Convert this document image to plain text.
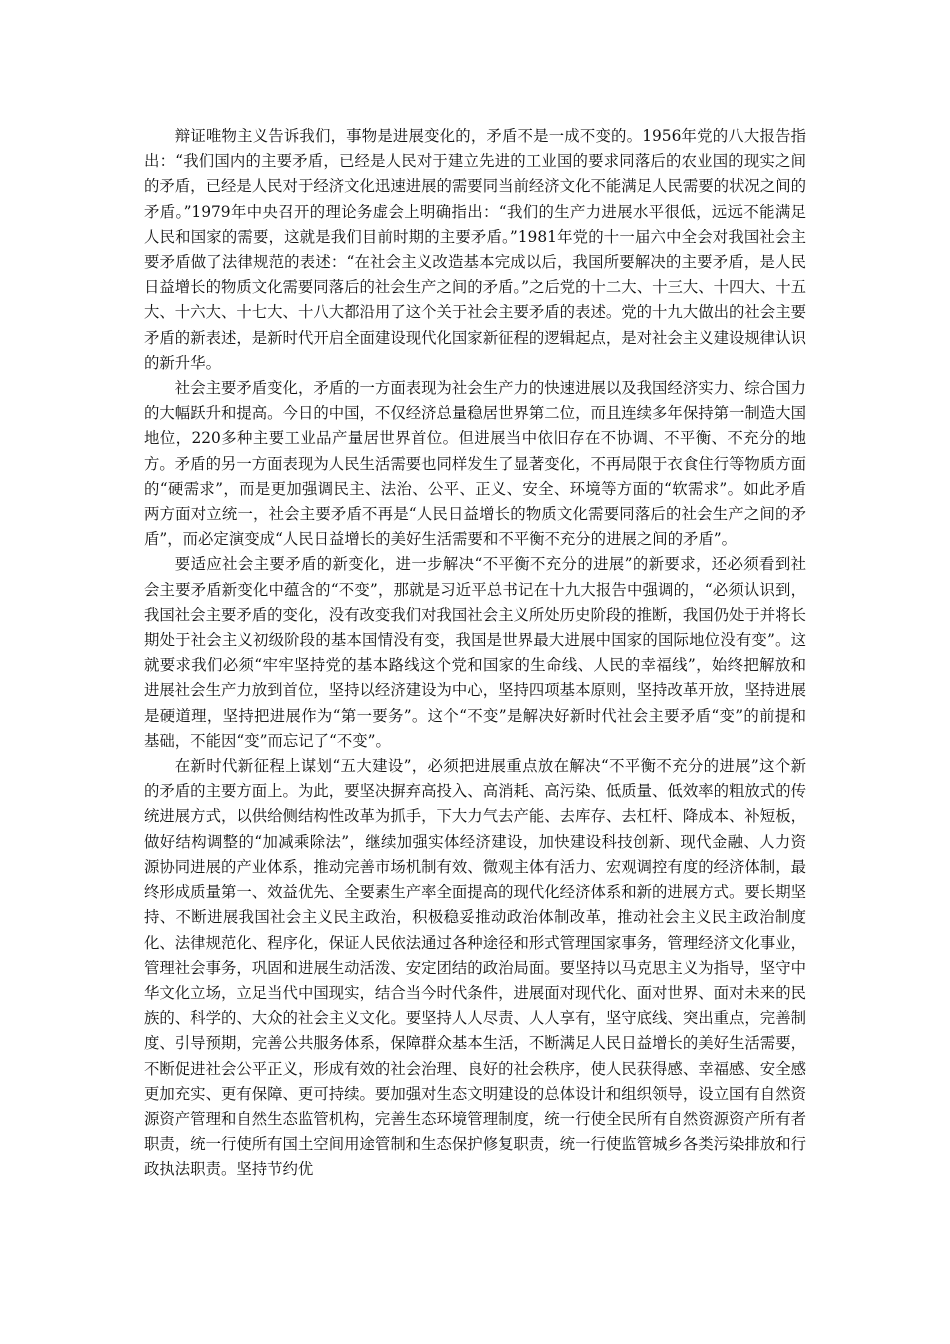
辩证唯物主义告诉我们，事物是进展变化的，矛盾不是一成不变的。1956年党的八大报告指出：“我们国内的主要矛盾，已经是人民对于建立先进的工业国的要求同落后的农业国的现实之间的矛盾，已经是人民对于经济文化迅速进展的需要同当前经济文化不能满足人民需要的状况之间的矛盾。”1979年中央召开的理论务虚会上明确指出：“我们的生产力进展水平很低，远远不能满足人民和国家的需要，这就是我们目前时期的主要矛盾。”1981年党的十一届六中全会对我国社会主要矛盾做了法律规范的表述：“在社会主义改造基本完成以后，我国所要解决的主要矛盾，是人民日益增长的物质文化需要同落后的社会生产之间的矛盾。”之后党的十二大、十三大、十四大、十五大、十六大、十七大、十八大都沿用了这个关于社会主要矛盾的表述。党的十九大做出的社会主要矛盾的新表述，是新时代开启全面建设现代化国家新征程的逻辑起点，是对社会主义建设规律认识的新升华。

社会主要矛盾变化，矛盾的一方面表现为社会生产力的快速进展以及我国经济实力、综合国力的大幅跃升和提高。今日的中国，不仅经济总量稳居世界第二位，而且连续多年保持第一制造大国地位，220多种主要工业品产量居世界首位。但进展当中依旧存在不协调、不平衡、不充分的地方。矛盾的另一方面表现为人民生活需要也同样发生了显著变化，不再局限于衣食住行等物质方面的“硬需求”，而是更加强调民主、法治、公平、正义、安全、环境等方面的“软需求”。如此矛盾两方面对立统一，社会主要矛盾不再是“人民日益增长的物质文化需要同落后的社会生产之间的矛盾”，而必定演变成“人民日益增长的美好生活需要和不平衡不充分的进展之间的矛盾”。

要适应社会主要矛盾的新变化，进一步解决“不平衡不充分的进展”的新要求，还必须看到社会主要矛盾新变化中蕴含的“不变”，那就是习近平总书记在十九大报告中强调的，“必须认识到，我国社会主要矛盾的变化，没有改变我们对我国社会主义所处历史阶段的推断，我国仍处于并将长期处于社会主义初级阶段的基本国情没有变，我国是世界最大进展中国家的国际地位没有变”。这就要求我们必须“牢牢坚持党的基本路线这个党和国家的生命线、人民的幸福线”，始终把解放和进展社会生产力放到首位，坚持以经济建设为中心，坚持四项基本原则，坚持改革开放，坚持进展是硬道理，坚持把进展作为“第一要务”。这个“不变”是解决好新时代社会主要矛盾“变”的前提和基础，不能因“变”而忘记了“不变”。

在新时代新征程上谋划“五大建设”，必须把进展重点放在解决“不平衡不充分的进展”这个新的矛盾的主要方面上。为此，要坚决摒弃高投入、高消耗、高污染、低质量、低效率的粗放式的传统进展方式，以供给侧结构性改革为抓手，下大力气去产能、去库存、去杠杆、降成本、补短板，做好结构调整的“加减乘除法”，继续加强实体经济建设，加快建设科技创新、现代金融、人力资源协同进展的产业体系，推动完善市场机制有效、微观主体有活力、宏观调控有度的经济体制，最终形成质量第一、效益优先、全要素生产率全面提高的现代化经济体系和新的进展方式。要长期坚持、不断进展我国社会主义民主政治，积极稳妥推动政治体制改革，推动社会主义民主政治制度化、法律规范化、程序化，保证人民依法通过各种途径和形式管理国家事务，管理经济文化事业，管理社会事务，巩固和进展生动活泼、安定团结的政治局面。要坚持以马克思主义为指导，坚守中华文化立场，立足当代中国现实，结合当今时代条件，进展面对现代化、面对世界、面对未来的民族的、科学的、大众的社会主义文化。要坚持人人尽责、人人享有，坚守底线、突出重点，完善制度、引导预期，完善公共服务体系，保障群众基本生活，不断满足人民日益增长的美好生活需要，不断促进社会公平正义，形成有效的社会治理、良好的社会秩序，使人民获得感、幸福感、安全感更加充实、更有保障、更可持续。要加强对生态文明建设的总体设计和组织领导，设立国有自然资源资产管理和自然生态监管机构，完善生态环境管理制度，统一行使全民所有自然资源资产所有者职责，统一行使所有国土空间用途管制和生态保护修复职责，统一行使监管城乡各类污染排放和行政执法职责。坚持节约优
